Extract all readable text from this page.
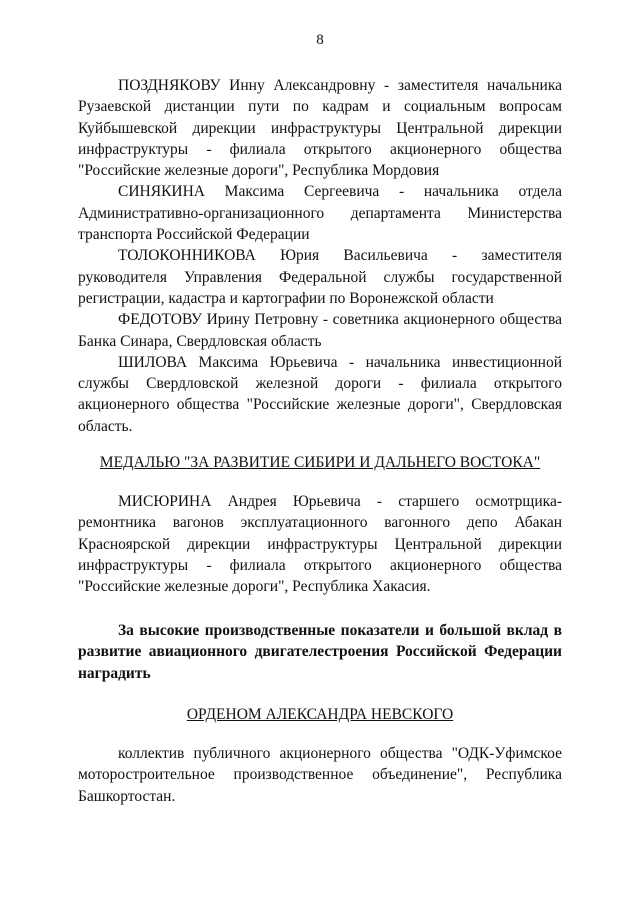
8

ПОЗДНЯКОВУ Инну Александровну - заместителя начальника Рузаевской дистанции пути по кадрам и социальным вопросам Куйбышевской дирекции инфраструктуры Центральной дирекции инфраструктуры - филиала открытого акционерного общества "Российские железные дороги", Республика Мордовия

СИНЯКИНА Максима Сергеевича - начальника отдела Административно-организационного департамента Министерства транспорта Российской Федерации

ТОЛОКОННИКОВА Юрия Васильевича - заместителя руководителя Управления Федеральной службы государственной регистрации, кадастра и картографии по Воронежской области

ФЕДОТОВУ Ирину Петровну - советника акционерного общества Банка Синара, Свердловская область

ШИЛОВА Максима Юрьевича - начальника инвестиционной службы Свердловской железной дороги - филиала открытого акционерного общества "Российские железные дороги", Свердловская область.

МЕДАЛЬЮ "ЗА РАЗВИТИЕ СИБИРИ И ДАЛЬНЕГО ВОСТОКА"

МИСЮРИНА Андрея Юрьевича - старшего осмотрщика-ремонтника вагонов эксплуатационного вагонного депо Абакан Красноярской дирекции инфраструктуры Центральной дирекции инфраструктуры - филиала открытого акционерного общества "Российские железные дороги", Республика Хакасия.

За высокие производственные показатели и большой вклад в развитие авиационного двигателестроения Российской Федерации наградить

ОРДЕНОМ АЛЕКСАНДРА НЕВСКОГО

коллектив публичного акционерного общества "ОДК-Уфимское моторостроительное производственное объединение", Республика Башкортостан.
